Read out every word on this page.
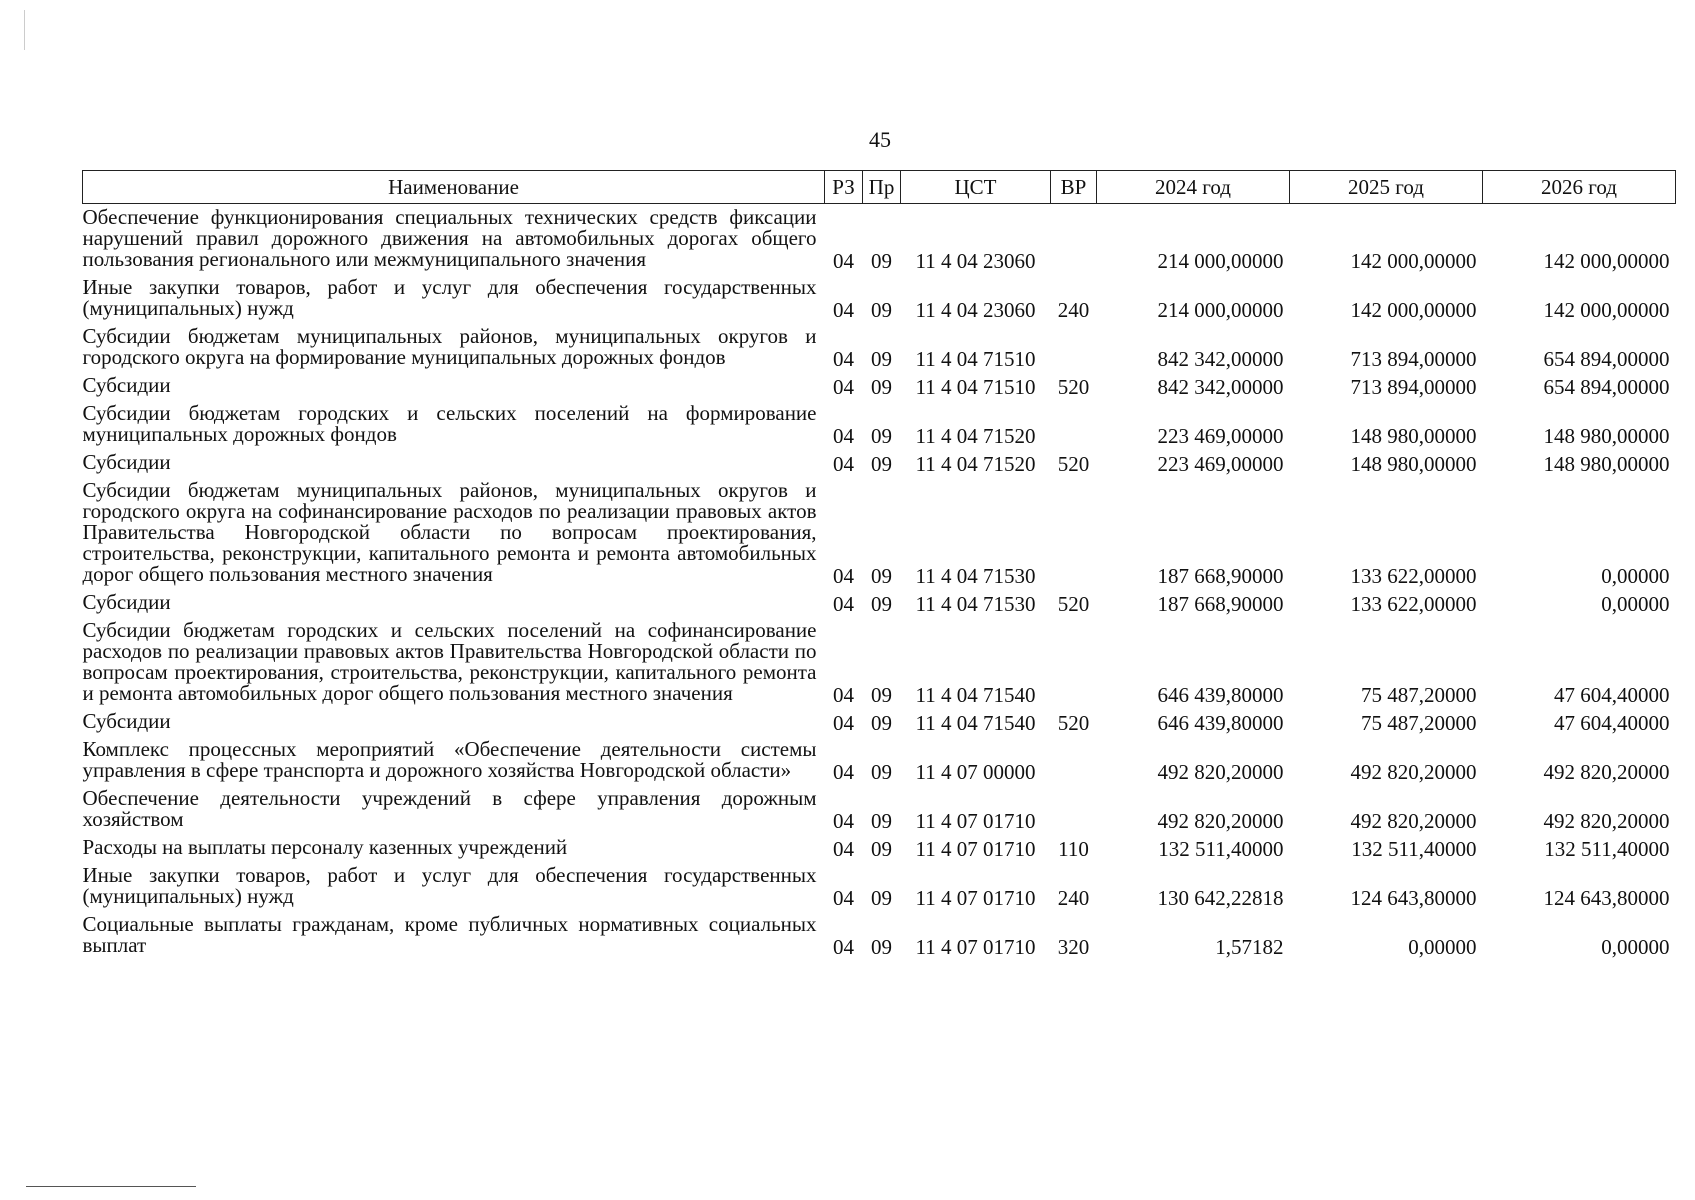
45
Наименование	РЗ	Пр	ЦСТ	ВР	2024 год	2025 год	2026 год
Обеспечение функционирования специальных технических средств фиксации нарушений правил дорожного движения на автомобильных дорогах общего пользования регионального или межмуниципального значения	04	09	11 4 04 23060		214 000,00000	142 000,00000	142 000,00000
Иные закупки товаров, работ и услуг для обеспечения государственных (муниципальных) нужд	04	09	11 4 04 23060	240	214 000,00000	142 000,00000	142 000,00000
Субсидии бюджетам муниципальных районов, муниципальных округов и городского округа на формирование муниципальных дорожных фондов	04	09	11 4 04 71510		842 342,00000	713 894,00000	654 894,00000
Субсидии	04	09	11 4 04 71510	520	842 342,00000	713 894,00000	654 894,00000
Субсидии бюджетам городских и сельских поселений на формирование муниципальных дорожных фондов	04	09	11 4 04 71520		223 469,00000	148 980,00000	148 980,00000
Субсидии	04	09	11 4 04 71520	520	223 469,00000	148 980,00000	148 980,00000
Субсидии бюджетам муниципальных районов, муниципальных округов и городского округа на софинансирование расходов по реализации правовых актов Правительства Новгородской области по вопросам проектирования, строительства, реконструкции, капитального ремонта и ремонта автомобильных дорог общего пользования местного значения	04	09	11 4 04 71530		187 668,90000	133 622,00000	0,00000
Субсидии	04	09	11 4 04 71530	520	187 668,90000	133 622,00000	0,00000
Субсидии бюджетам городских и сельских поселений на софинансирование расходов по реализации правовых актов Правительства Новгородской области по вопросам проектирования, строительства, реконструкции, капитального ремонта и ремонта автомобильных дорог общего пользования местного значения	04	09	11 4 04 71540		646 439,80000	75 487,20000	47 604,40000
Субсидии	04	09	11 4 04 71540	520	646 439,80000	75 487,20000	47 604,40000
Комплекс процессных мероприятий «Обеспечение деятельности системы управления в сфере транспорта и дорожного хозяйства Новгородской области»	04	09	11 4 07 00000		492 820,20000	492 820,20000	492 820,20000
Обеспечение деятельности учреждений в сфере управления дорожным хозяйством	04	09	11 4 07 01710		492 820,20000	492 820,20000	492 820,20000
Расходы на выплаты персоналу казенных учреждений	04	09	11 4 07 01710	110	132 511,40000	132 511,40000	132 511,40000
Иные закупки товаров, работ и услуг для обеспечения государственных (муниципальных) нужд	04	09	11 4 07 01710	240	130 642,22818	124 643,80000	124 643,80000
Социальные выплаты гражданам, кроме публичных нормативных социальных выплат	04	09	11 4 07 01710	320	1,57182	0,00000	0,00000
